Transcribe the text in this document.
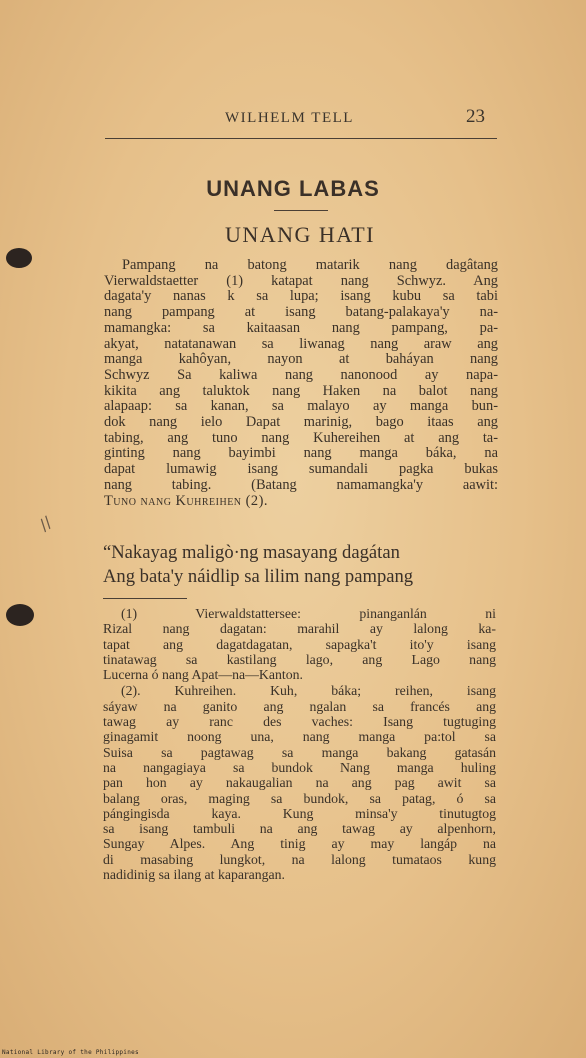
∕∕
WILHELM TELL	23
UNANG LABAS
UNANG HATI
Pampang na batong matarik nang dagâtang
Vierwaldstaetter (1) katapat nang Schwyz. Ang
dagata'y nanas k sa lupa; isang kubu sa tabi
nang pampang at isang batang-palakaya'y na-
mamangka: sa kaitaasan nang pampang, pa-
akyat, natatanawan sa liwanag nang araw ang
manga kahôyan, nayon at baháyan nang
Schwyz Sa kaliwa nang nanonood ay napa-
kikita ang taluktok nang Haken na balot nang
alapaap: sa kanan, sa malayo ay manga bun-
dok nang ielo Dapat marinig, bago itaas ang
tabing, ang tuno nang Kuhereihen at ang ta-
ginting nang bayimbi nang manga báka, na
dapat lumawig isang sumandali pagka bukas
nang tabing. (Batang namamangka'y aawit:
Tuno nang Kuhreihen (2).
“Nakayag maligò·ng masayang dagátan
Ang bata'y náidlip sa lilim nang pampang
(1) Vierwaldstattersee: pinanganlán ni
Rizal nang dagatan: marahil ay lalong ka-
tapat ang dagatdagatan, sapagka't ito'y isang
tinatawag sa kastilang lago, ang Lago nang
Lucerna ó nang Apat—na—Kanton.
(2). Kuhreihen. Kuh, báka; reihen, isang
sáyaw na ganito ang ngalan sa francés ang
tawag ay ranc des vaches: Isang tugtuging
ginagamit noong una, nang manga pa:tol sa
Suisa sa pagtawag sa manga bakang gatasán
na nangagiaya sa bundok Nang manga huling
pan hon ay nakaugalian na ang pag awit sa
balang oras, maging sa bundok, sa patag, ó sa
pángingisda kaya. Kung minsa'y tinutugtog
sa isang tambuli na ang tawag ay alpenhorn,
Sungay Alpes. Ang tinig ay may langáp na
di masabing lungkot, na lalong tumataos kung
nadidinig sa ilang at kaparangan.
National Library of the Philippines
